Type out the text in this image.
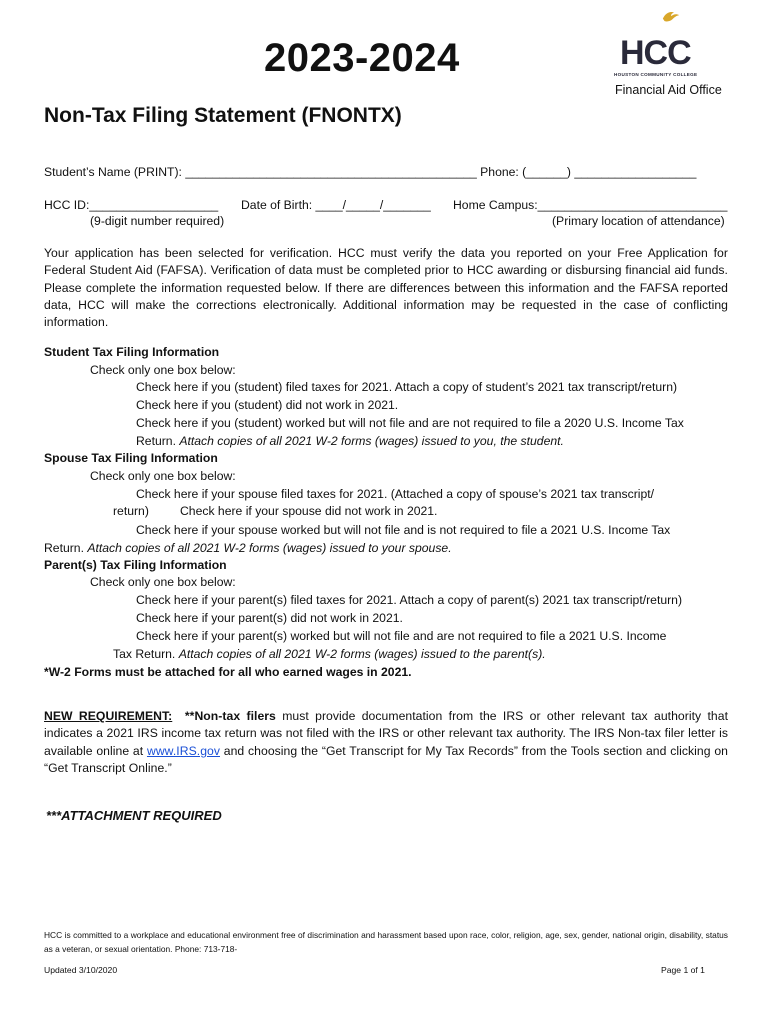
2023-2024
Non-Tax Filing Statement (FNONTX)
HCC
HOUSTON COMMUNITY COLLEGE
Financial Aid Office
Student’s Name (PRINT): ___________________________________________ Phone: (______) __________________
HCC ID:___________________
(9-digit number required)
Date of Birth: ____/_____/_______ Home Campus:____________________________
(Primary location of attendance)
Your application has been selected for verification. HCC must verify the data you reported on your Free Application for Federal Student Aid (FAFSA). Verification of data must be completed prior to HCC awarding or disbursing financial aid funds. Please complete the information requested below. If there are differences between this information and the FAFSA reported data, HCC will make the corrections electronically. Additional information may be requested in the case of conflicting information.
Student Tax Filing Information
Check only one box below:
Check here if you (student) filed taxes for 2021. Attach a copy of student’s 2021 tax transcript/return)
Check here if you (student) did not work in 2021.
Check here if you (student) worked but will not file and are not required to file a 2020 U.S. Income Tax
Return. Attach copies of all 2021 W-2 forms (wages) issued to you, the student.
Spouse Tax Filing Information
Check only one box below:
Check here if your spouse filed taxes for 2021. (Attached a copy of spouse’s 2021 tax transcript/
return)	Check here if your spouse did not work in 2021.
Check here if your spouse worked but will not file and is not required to file a 2021 U.S. Income Tax
Return. Attach copies of all 2021 W-2 forms (wages) issued to your spouse.
Parent(s) Tax Filing Information
Check only one box below:
Check here if your parent(s) filed taxes for 2021. Attach a copy of parent(s) 2021 tax transcript/return)
Check here if your parent(s) did not work in 2021.
Check here if your parent(s) worked but will not file and are not required to file a 2021 U.S. Income
Tax Return. Attach copies of all 2021 W-2 forms (wages) issued to the parent(s).
*W-2 Forms must be attached for all who earned wages in 2021.
NEW REQUIREMENT: **Non-tax filers must provide documentation from the IRS or other relevant tax authority that indicates a 2021 IRS income tax return was not filed with the IRS or other relevant tax authority. The IRS Non-tax filer letter is available online at www.IRS.gov and choosing the “Get Transcript for My Tax Records” from the Tools section and clicking on “Get Transcript Online.”
***ATTACHMENT REQUIRED
HCC is committed to a workplace and educational environment free of discrimination and harassment based upon race, color, religion, age, sex, gender, national origin, disability, status as a veteran, or sexual orientation. Phone: 713-718-
Updated 3/10/2020	Page 1 of 1
